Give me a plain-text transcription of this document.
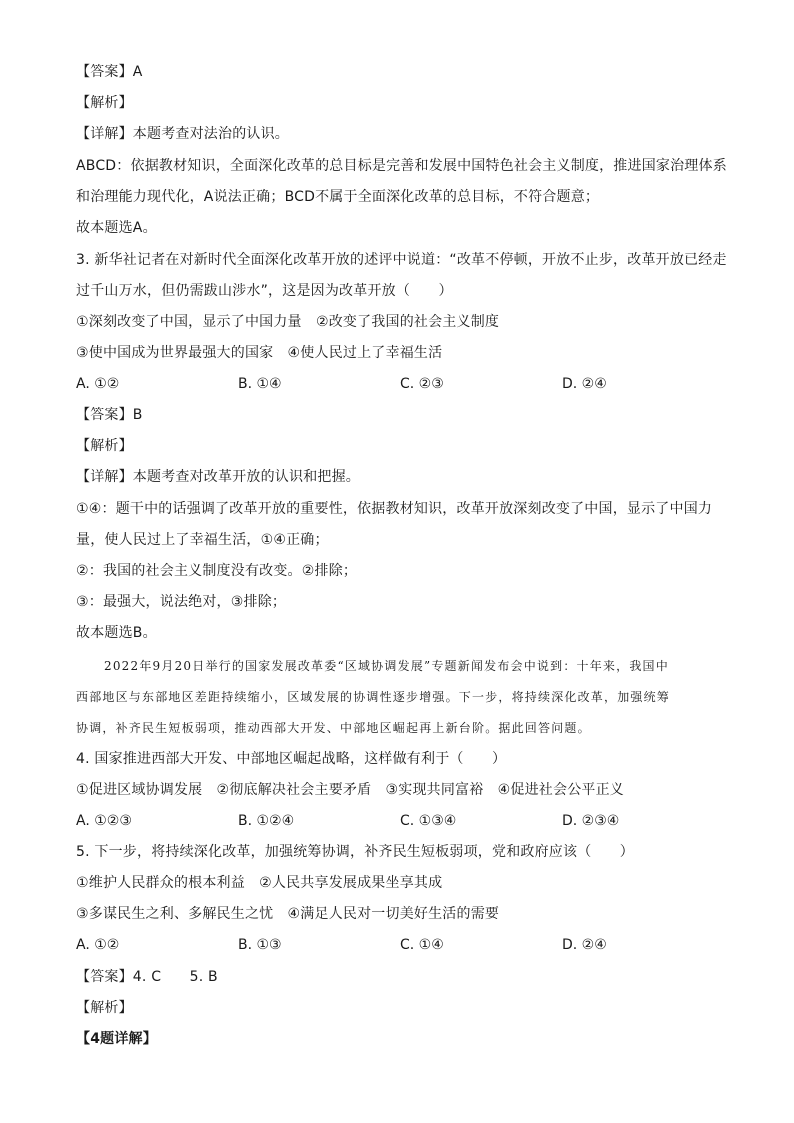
【答案】A
【解析】
【详解】本题考查对法治的认识。
ABCD：依据教材知识，全面深化改革的总目标是完善和发展中国特色社会主义制度，推进国家治理体系
和治理能力现代化，A说法正确；BCD不属于全面深化改革的总目标，不符合题意；
故本题选A。
3. 新华社记者在对新时代全面深化改革开放的述评中说道：“改革不停顿，开放不止步，改革开放已经走
过千山万水，但仍需跋山涉水”，这是因为改革开放（　　）
①深刻改变了中国，显示了中国力量　②改变了我国的社会主义制度
③使中国成为世界最强大的国家　④使人民过上了幸福生活
A. ①②	B. ①④	C. ②③	D. ②④
【答案】B
【解析】
【详解】本题考查对改革开放的认识和把握。
①④：题干中的话强调了改革开放的重要性，依据教材知识，改革开放深刻改变了中国，显示了中国力
量，使人民过上了幸福生活，①④正确；
②：我国的社会主义制度没有改变。②排除；
③：最强大，说法绝对，③排除；
故本题选B。
2022年9月20日举行的国家发展改革委“区域协调发展”专题新闻发布会中说到：十年来，我国中
西部地区与东部地区差距持续缩小，区域发展的协调性逐步增强。下一步，将持续深化改革，加强统筹
协调，补齐民生短板弱项，推动西部大开发、中部地区崛起再上新台阶。据此回答问题。
4. 国家推进西部大开发、中部地区崛起战略，这样做有利于（　　）
①促进区域协调发展　②彻底解决社会主要矛盾　③实现共同富裕　④促进社会公平正义
A. ①②③	B. ①②④	C. ①③④	D. ②③④
5. 下一步，将持续深化改革，加强统筹协调，补齐民生短板弱项，党和政府应该（　　）
①维护人民群众的根本利益　②人民共享发展成果坐享其成
③多谋民生之利、多解民生之忧　④满足人民对一切美好生活的需要
A. ①②	B. ①③	C. ①④	D. ②④
【答案】4. C　　5. B
【解析】
【4题详解】
